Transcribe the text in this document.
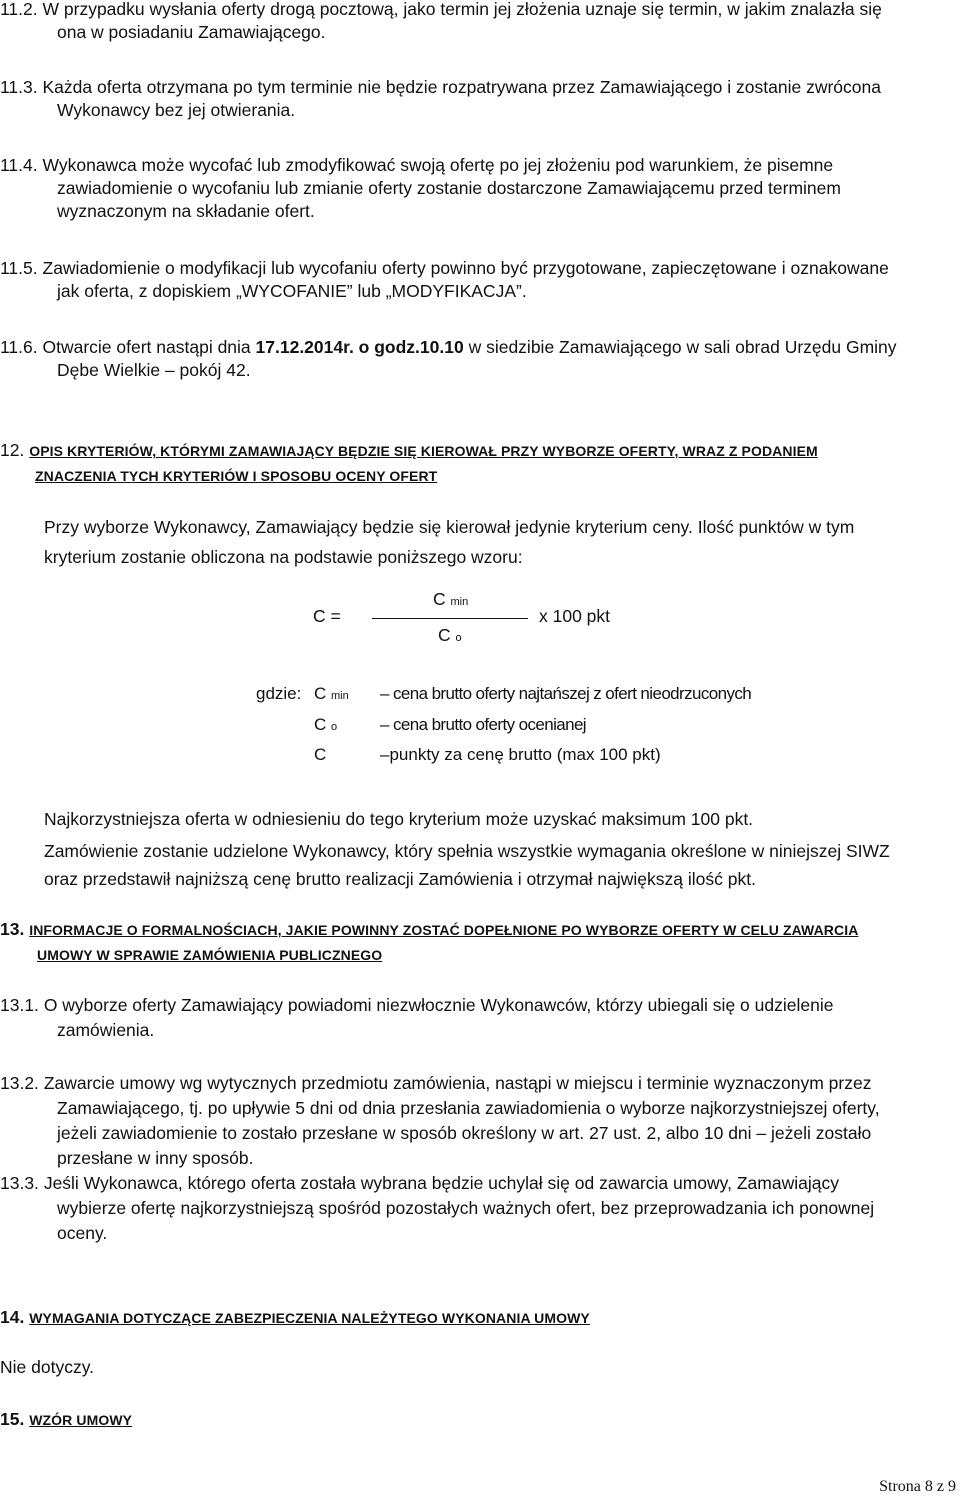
11.2. W przypadku wysłania oferty drogą pocztową, jako termin jej złożenia uznaje się termin, w jakim znalazła się
ona w posiadaniu Zamawiającego.
11.3. Każda oferta otrzymana po tym terminie nie będzie rozpatrywana przez Zamawiającego i zostanie zwrócona
Wykonawcy bez jej otwierania.
11.4. Wykonawca może wycofać lub zmodyfikować swoją ofertę po jej złożeniu pod warunkiem, że pisemne
zawiadomienie o wycofaniu lub zmianie oferty zostanie dostarczone Zamawiającemu przed terminem
wyznaczonym na składanie ofert.
11.5. Zawiadomienie o modyfikacji lub wycofaniu oferty powinno być przygotowane, zapieczętowane i oznakowane
jak oferta, z dopiskiem „WYCOFANIE” lub „MODYFIKACJA”.
11.6. Otwarcie ofert nastąpi dnia 17.12.2014r. o godz.10.10 w siedzibie Zamawiającego w sali obrad Urzędu Gminy
Dębe Wielkie – pokój 42.
12. OPIS KRYTERIÓW, KTÓRYMI ZAMAWIAJĄCY BĘDZIE SIĘ KIEROWAŁ PRZY WYBORZE OFERTY, WRAZ Z PODANIEM
ZNACZENIA TYCH KRYTERIÓW I SPOSOBU OCENY OFERT
Przy wyborze Wykonawcy, Zamawiający będzie się kierował jedynie kryterium ceny. Ilość punktów w tym
kryterium zostanie obliczona na podstawie poniższego wzoru:
C =
C min
C o
x 100 pkt
gdzie: C min – cena brutto oferty najtańszej z ofert nieodrzuconych
C o	– cena brutto oferty ocenianej
C	–punkty za cenę brutto (max 100 pkt)
Najkorzystniejsza oferta w odniesieniu do tego kryterium może uzyskać maksimum 100 pkt.
Zamówienie zostanie udzielone Wykonawcy, który spełnia wszystkie wymagania określone w niniejszej SIWZ
oraz przedstawił najniższą cenę brutto realizacji Zamówienia i otrzymał największą ilość pkt.
13. INFORMACJE O FORMALNOŚCIACH, JAKIE POWINNY ZOSTAĆ DOPEŁNIONE PO WYBORZE OFERTY W CELU ZAWARCIA
UMOWY W SPRAWIE ZAMÓWIENIA PUBLICZNEGO
13.1. O wyborze oferty Zamawiający powiadomi niezwłocznie Wykonawców, którzy ubiegali się o udzielenie
zamówienia.
13.2. Zawarcie umowy wg wytycznych przedmiotu zamówienia, nastąpi w miejscu i terminie wyznaczonym przez
Zamawiającego, tj. po upływie 5 dni od dnia przesłania zawiadomienia o wyborze najkorzystniejszej oferty,
jeżeli zawiadomienie to zostało przesłane w sposób określony w art. 27 ust. 2, albo 10 dni – jeżeli zostało
przesłane w inny sposób.
13.3. Jeśli Wykonawca, którego oferta została wybrana będzie uchylał się od zawarcia umowy, Zamawiający
wybierze ofertę najkorzystniejszą spośród pozostałych ważnych ofert, bez przeprowadzania ich ponownej
oceny.
14. WYMAGANIA DOTYCZĄCE ZABEZPIECZENIA NALEŻYTEGO WYKONANIA UMOWY
Nie dotyczy.
15. WZÓR UMOWY
Strona 8 z 9
